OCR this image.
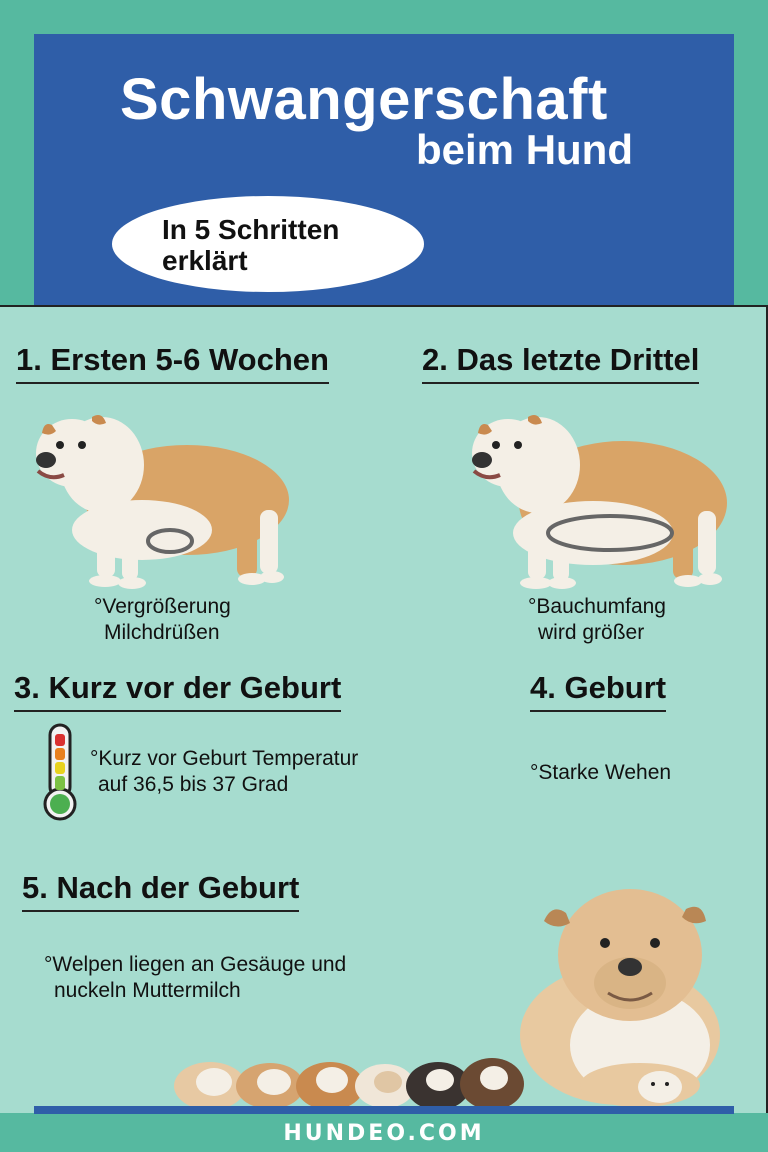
Schwangerschaft
beim Hund
In 5 Schritten
erklärt
1. Ersten 5-6 Wochen
°Vergrößerung
Milchdrüßen
2. Das letzte Drittel
°Bauchumfang
wird größer
3. Kurz vor der Geburt
°Kurz vor Geburt Temperatur
auf 36,5 bis 37 Grad
4. Geburt
°Starke Wehen
5. Nach der Geburt
°Welpen liegen an Gesäuge und
nuckeln Muttermilch
HUNDEO.COM
